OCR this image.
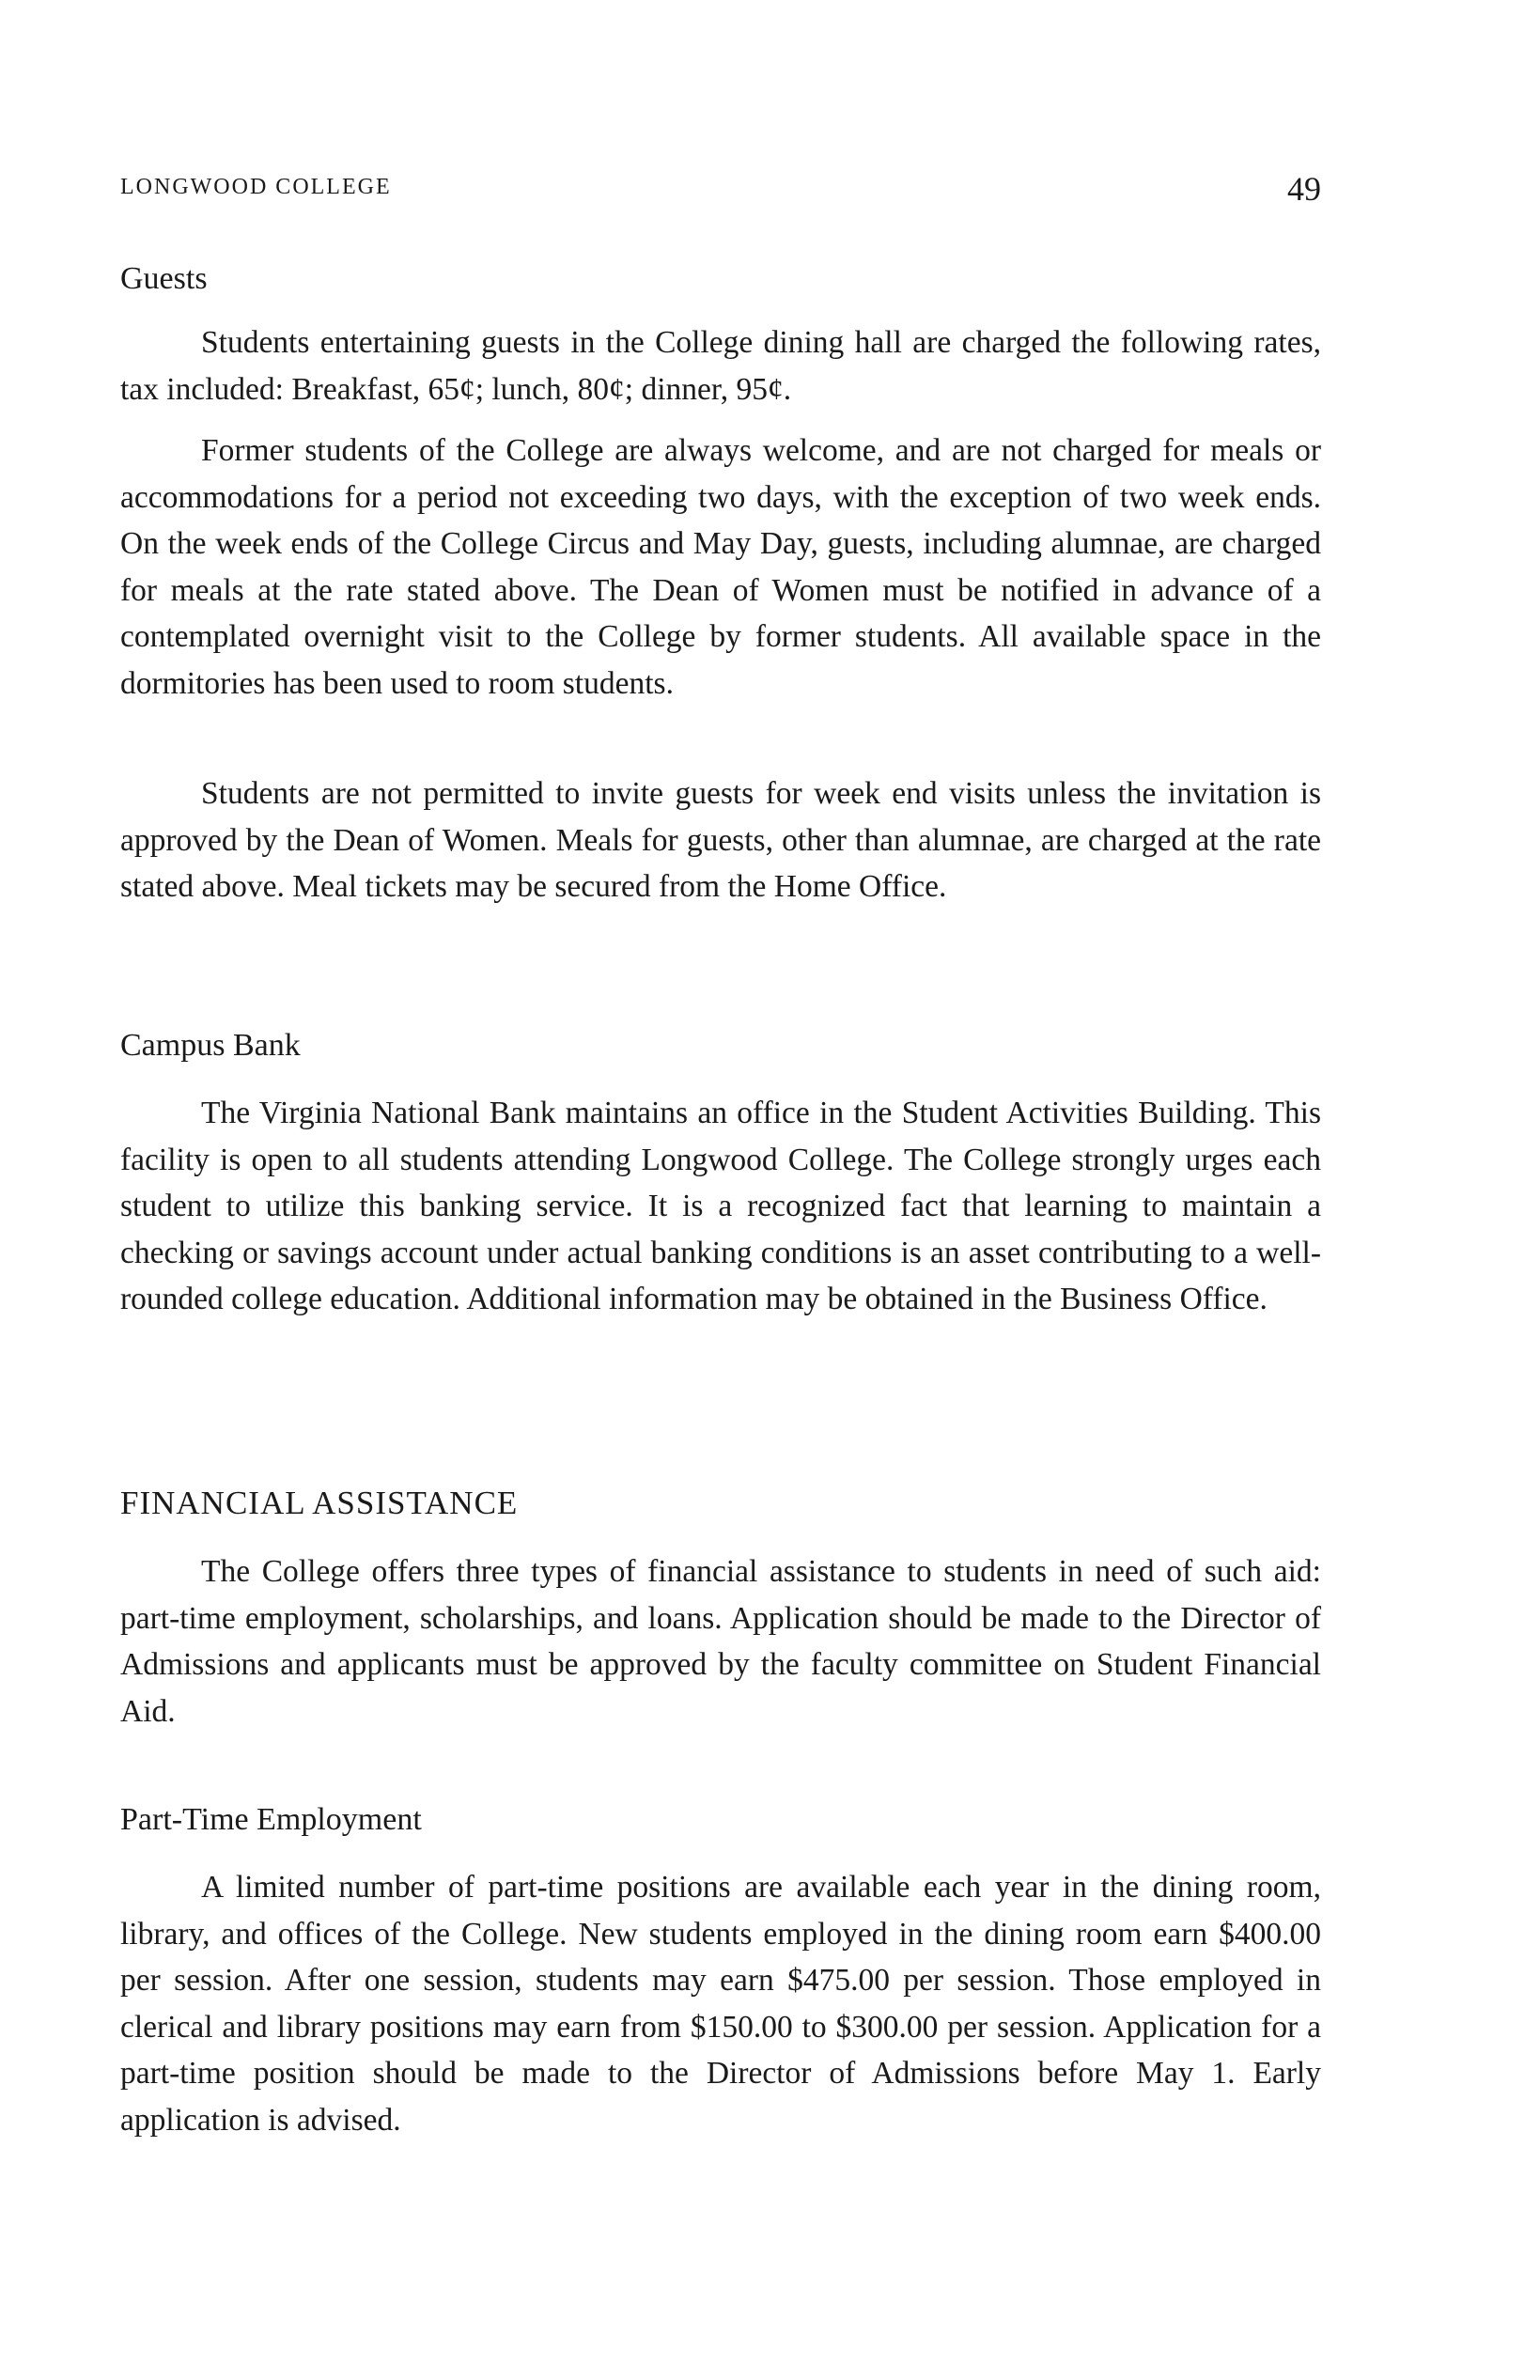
LONGWOOD COLLEGE	49
Guests

Students entertaining guests in the College dining hall are charged the following rates, tax included: Breakfast, 65¢; lunch, 80¢; dinner, 95¢.

Former students of the College are always welcome, and are not charged for meals or accommodations for a period not exceeding two days, with the exception of two week ends. On the week ends of the College Circus and May Day, guests, including alumnae, are charged for meals at the rate stated above. The Dean of Women must be notified in advance of a contemplated overnight visit to the College by former students. All available space in the dormitories has been used to room students.

Students are not permitted to invite guests for week end visits unless the invitation is approved by the Dean of Women. Meals for guests, other than alumnae, are charged at the rate stated above. Meal tickets may be secured from the Home Office.

Campus Bank

The Virginia National Bank maintains an office in the Student Activities Building. This facility is open to all students attending Longwood College. The College strongly urges each student to utilize this banking service. It is a recognized fact that learning to maintain a checking or savings account under actual banking conditions is an asset contributing to a well-rounded college education. Additional information may be obtained in the Business Office.

FINANCIAL ASSISTANCE

The College offers three types of financial assistance to students in need of such aid: part-time employment, scholarships, and loans. Application should be made to the Director of Admissions and applicants must be approved by the faculty committee on Student Financial Aid.

Part-Time Employment

A limited number of part-time positions are available each year in the dining room, library, and offices of the College. New students employed in the dining room earn $400.00 per session. After one session, students may earn $475.00 per session. Those employed in clerical and library positions may earn from $150.00 to $300.00 per session. Application for a part-time position should be made to the Director of Admissions before May 1. Early application is advised.
